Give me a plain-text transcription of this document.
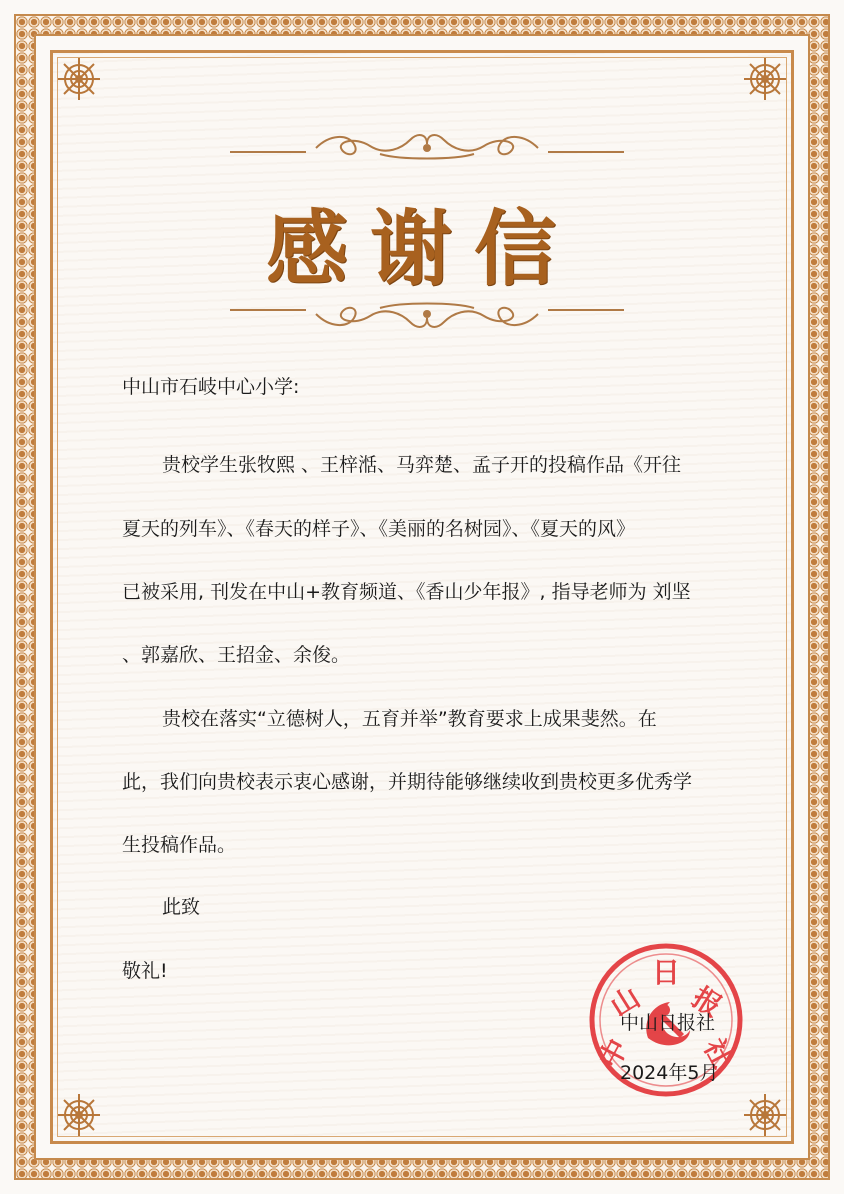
感谢信
中山市石岐中心小学:
贵校学生张牧熙 、王梓湉、马弈楚、孟子开的投稿作品《开往
夏天的列车》、《春天的样子》、《美丽的名树园》、《夏天的风》
已被采用, 刊发在中山+教育频道、《香山少年报》, 指导老师为 刘坚
、郭嘉欣、王招金、余俊。
贵校在落实“立德树人，五育并举”教育要求上成果斐然。在
此，我们向贵校表示衷心感谢，并期待能够继续收到贵校更多优秀学
生投稿作品。
此致
敬礼!
中
山
日
报
社
中山日报社
2024年5月
